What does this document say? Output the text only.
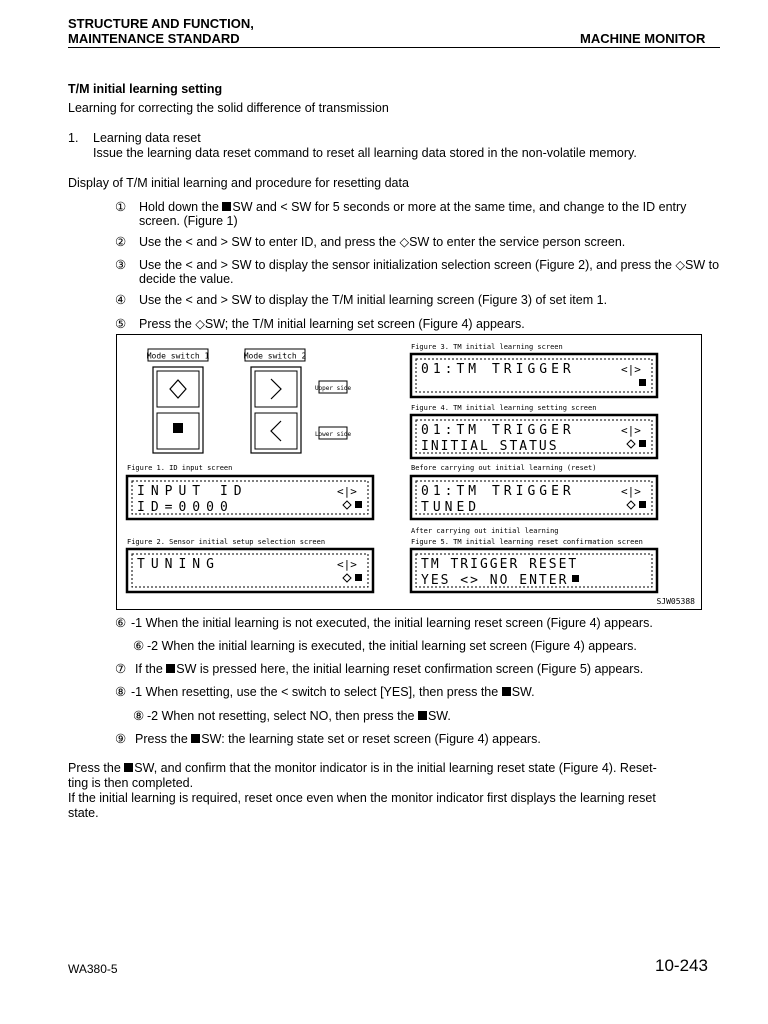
STRUCTURE AND FUNCTION,
MAINTENANCE STANDARD	MACHINE MONITOR
T/M initial learning setting
Learning for correcting the solid difference of transmission
1. Learning data reset
Issue the learning data reset command to reset all learning data stored in the non-volatile memory.
Display of T/M initial learning and procedure for resetting data
①	Hold down the SW and < SW for 5 seconds or more at the same time, and change to the ID entry screen. (Figure 1)
②	Use the < and > SW to enter ID, and press the ◇SW to enter the service person screen.
③	Use the < and > SW to display the sensor initialization selection screen (Figure 2), and press the ◇SW to decide the value.
④	Use the < and > SW to display the T/M initial learning screen (Figure 3) of set item 1.
⑤	Press the ◇SW; the T/M initial learning set screen (Figure 4) appears.
Mode switch 1	Mode switch 2
Upper side
Lower side
Figure 1. ID input screen
INPUT ID
ID=0000
<|>
Figure 2. Sensor initial setup selection screen
TUNING	<|>
Figure 3. TM initial learning screen
01:TM TRIGGER	<|>
Figure 4. TM initial learning setting screen
01:TM TRIGGER
INITIAL STATUS
<|>
Before carrying out initial learning (reset)
01:TM TRIGGER
TUNED
<|>
After carrying out initial learning
Figure 5. TM initial learning reset confirmation screen
TM TRIGGER RESET
YES <> NO ENTER
SJW05388
⑥ -1 When the initial learning is not executed, the initial learning reset screen (Figure 4) appears.
⑥ -2 When the initial learning is executed, the initial learning set screen (Figure 4) appears.
⑦ If the SW is pressed here, the initial learning reset confirmation screen (Figure 5) appears.
⑧ -1 When resetting, use the < switch to select [YES], then press the SW.
⑧ -2 When not resetting, select NO, then press the SW.
⑨ Press the SW: the learning state set or reset screen (Figure 4) appears.
Press the SW, and confirm that the monitor indicator is in the initial learning reset state (Figure 4). Reset-
ting is then completed.
If the initial learning is required, reset once even when the monitor indicator first displays the learning reset
state.
WA380-5	10-243
